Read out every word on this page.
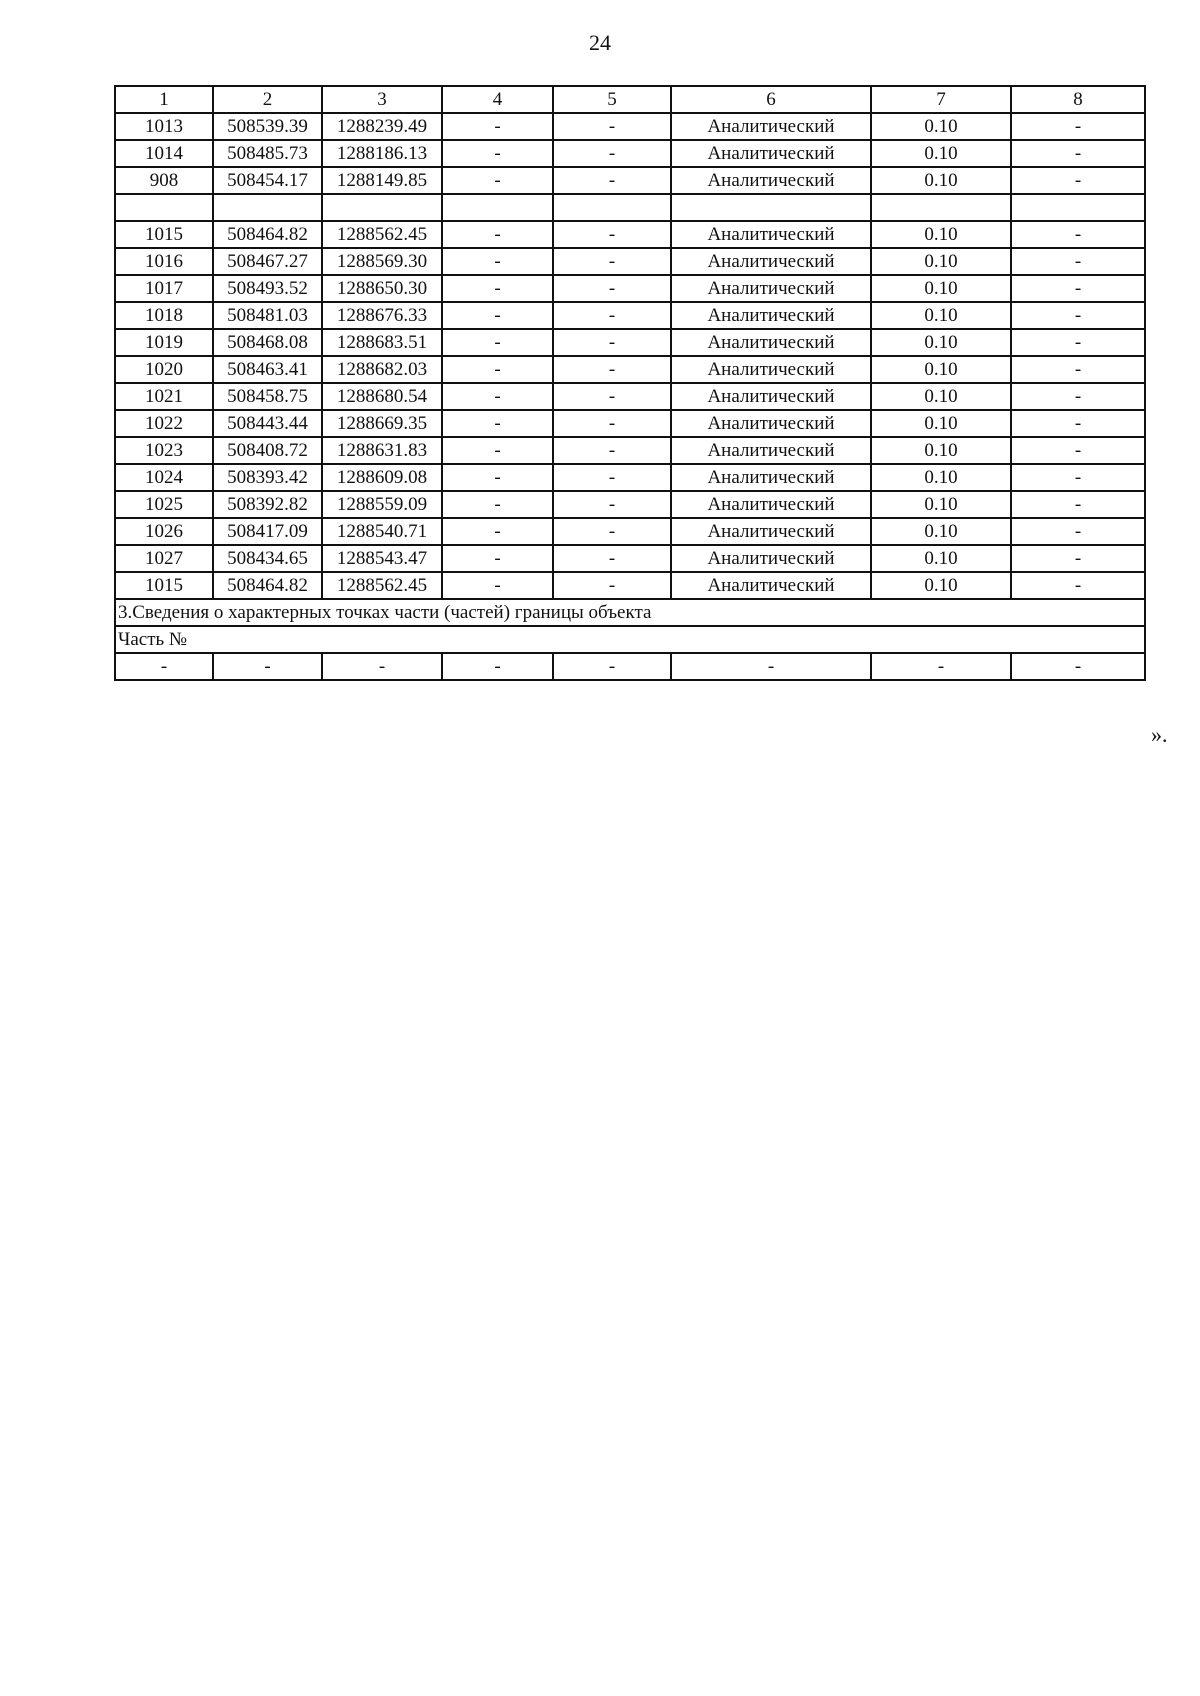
24
1	2	3	4	5	6	7	8
1013	508539.39	1288239.49	-	-	Аналитический	0.10	-
1014	508485.73	1288186.13	-	-	Аналитический	0.10	-
908	508454.17	1288149.85	-	-	Аналитический	0.10	-

1015	508464.82	1288562.45	-	-	Аналитический	0.10	-
1016	508467.27	1288569.30	-	-	Аналитический	0.10	-
1017	508493.52	1288650.30	-	-	Аналитический	0.10	-
1018	508481.03	1288676.33	-	-	Аналитический	0.10	-
1019	508468.08	1288683.51	-	-	Аналитический	0.10	-
1020	508463.41	1288682.03	-	-	Аналитический	0.10	-
1021	508458.75	1288680.54	-	-	Аналитический	0.10	-
1022	508443.44	1288669.35	-	-	Аналитический	0.10	-
1023	508408.72	1288631.83	-	-	Аналитический	0.10	-
1024	508393.42	1288609.08	-	-	Аналитический	0.10	-
1025	508392.82	1288559.09	-	-	Аналитический	0.10	-
1026	508417.09	1288540.71	-	-	Аналитический	0.10	-
1027	508434.65	1288543.47	-	-	Аналитический	0.10	-
1015	508464.82	1288562.45	-	-	Аналитический	0.10	-
3.Сведения о характерных точках части (частей) границы объекта							
Часть №							
-	-	-	-	-	-	-	-
».
